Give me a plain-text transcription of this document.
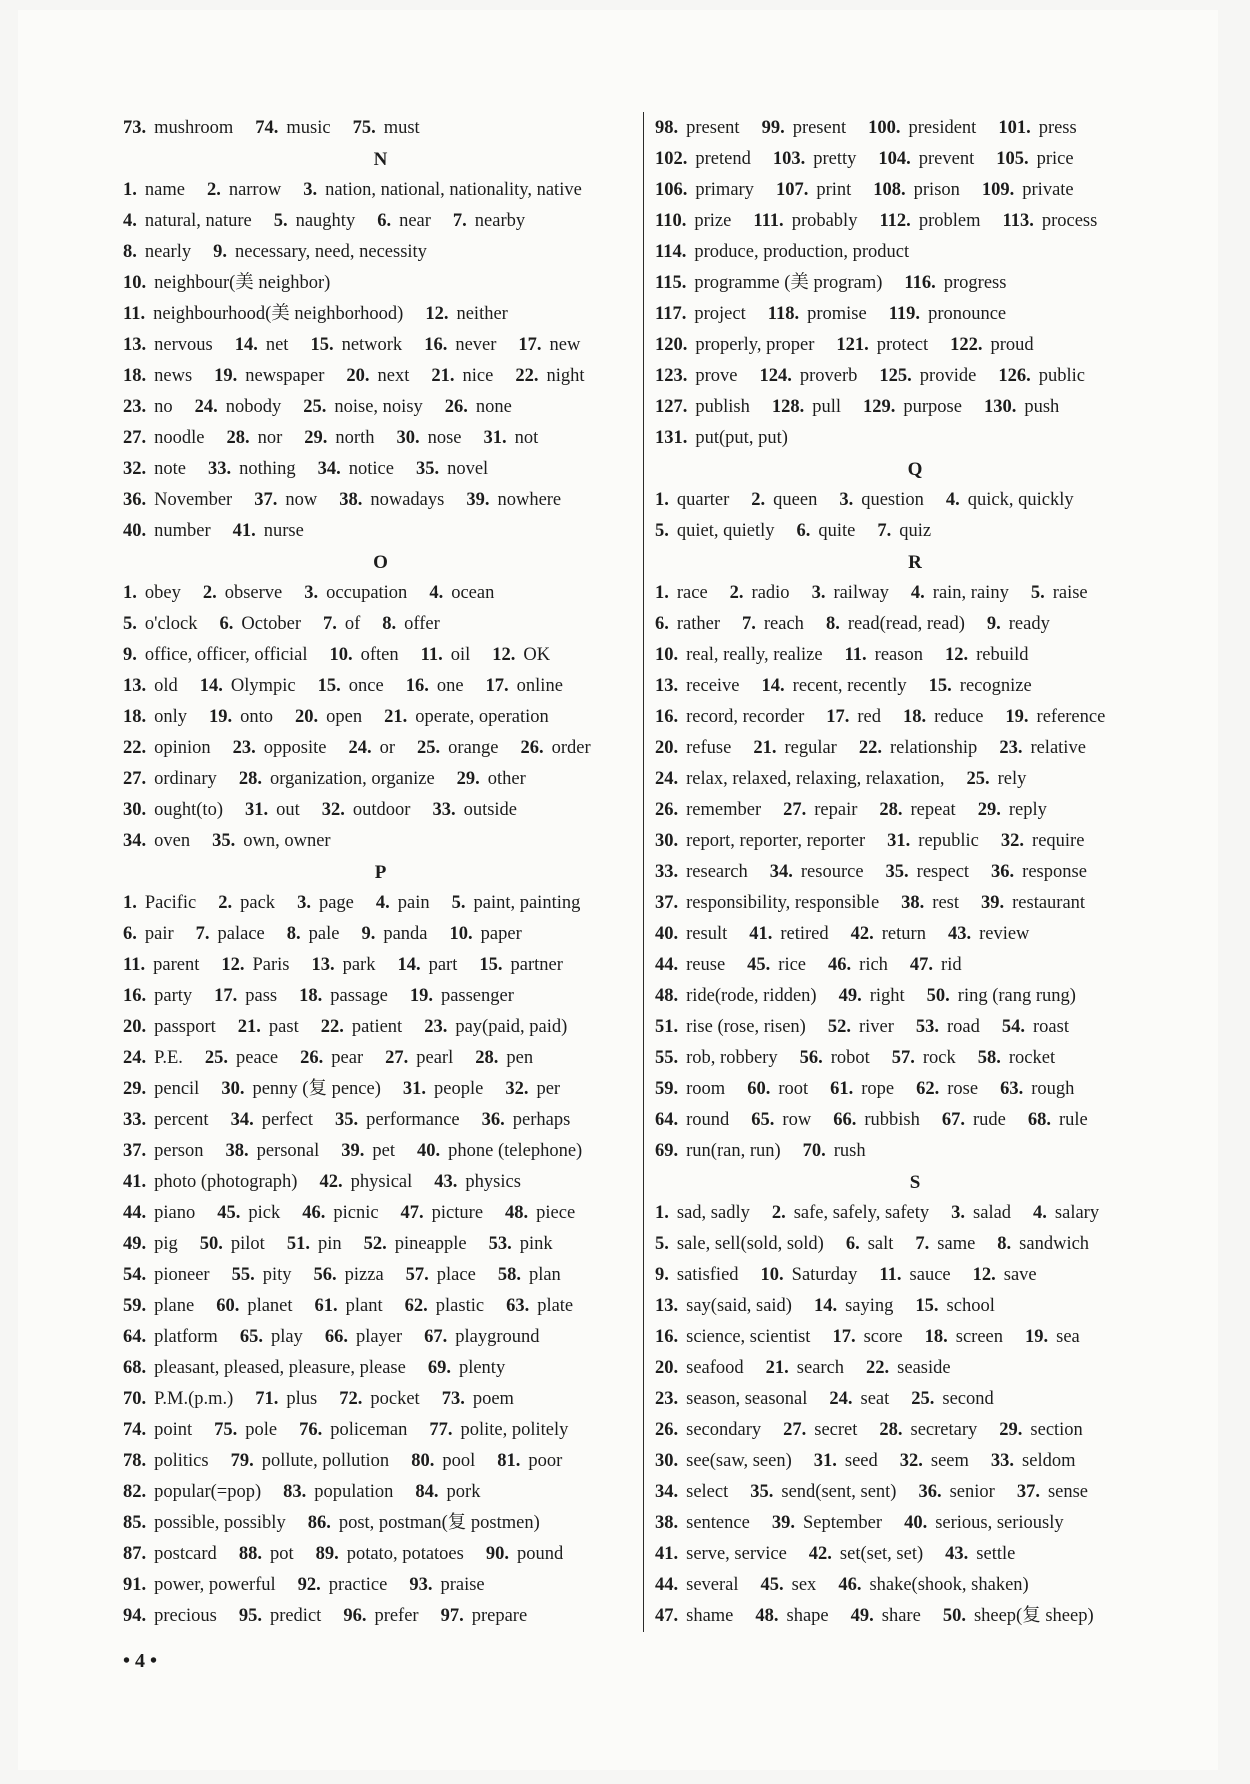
73. mushroom 74. music 75. must
N
1. name 2. narrow 3. nation, national, nationality, native
4. natural, nature 5. naughty 6. near 7. nearby
8. nearly 9. necessary, need, necessity
10. neighbour(美 neighbor)
11. neighbourhood(美 neighborhood) 12. neither
13. nervous 14. net 15. network 16. never 17. new
18. news 19. newspaper 20. next 21. nice 22. night
23. no 24. nobody 25. noise, noisy 26. none
27. noodle 28. nor 29. north 30. nose 31. not
32. note 33. nothing 34. notice 35. novel
36. November 37. now 38. nowadays 39. nowhere
40. number 41. nurse
O
1. obey 2. observe 3. occupation 4. ocean
5. o'clock 6. October 7. of 8. offer
9. office, officer, official 10. often 11. oil 12. OK
13. old 14. Olympic 15. once 16. one 17. online
18. only 19. onto 20. open 21. operate, operation
22. opinion 23. opposite 24. or 25. orange 26. order
27. ordinary 28. organization, organize 29. other
30. ought(to) 31. out 32. outdoor 33. outside
34. oven 35. own, owner
P
1. Pacific 2. pack 3. page 4. pain 5. paint, painting
6. pair 7. palace 8. pale 9. panda 10. paper
11. parent 12. Paris 13. park 14. part 15. partner
16. party 17. pass 18. passage 19. passenger
20. passport 21. past 22. patient 23. pay(paid, paid)
24. P.E. 25. peace 26. pear 27. pearl 28. pen
29. pencil 30. penny (复 pence) 31. people 32. per
33. percent 34. perfect 35. performance 36. perhaps
37. person 38. personal 39. pet 40. phone (telephone)
41. photo (photograph) 42. physical 43. physics
44. piano 45. pick 46. picnic 47. picture 48. piece
49. pig 50. pilot 51. pin 52. pineapple 53. pink
54. pioneer 55. pity 56. pizza 57. place 58. plan
59. plane 60. planet 61. plant 62. plastic 63. plate
64. platform 65. play 66. player 67. playground
68. pleasant, pleased, pleasure, please 69. plenty
70. P.M.(p.m.) 71. plus 72. pocket 73. poem
74. point 75. pole 76. policeman 77. polite, politely
78. politics 79. pollute, pollution 80. pool 81. poor
82. popular(=pop) 83. population 84. pork
85. possible, possibly 86. post, postman(复 postmen)
87. postcard 88. pot 89. potato, potatoes 90. pound
91. power, powerful 92. practice 93. praise
94. precious 95. predict 96. prefer 97. prepare
98. present 99. present 100. president 101. press
102. pretend 103. pretty 104. prevent 105. price
106. primary 107. print 108. prison 109. private
110. prize 111. probably 112. problem 113. process
114. produce, production, product
115. programme (美 program) 116. progress
117. project 118. promise 119. pronounce
120. properly, proper 121. protect 122. proud
123. prove 124. proverb 125. provide 126. public
127. publish 128. pull 129. purpose 130. push
131. put(put, put)
Q
1. quarter 2. queen 3. question 4. quick, quickly
5. quiet, quietly 6. quite 7. quiz
R
1. race 2. radio 3. railway 4. rain, rainy 5. raise
6. rather 7. reach 8. read(read, read) 9. ready
10. real, really, realize 11. reason 12. rebuild
13. receive 14. recent, recently 15. recognize
16. record, recorder 17. red 18. reduce 19. reference
20. refuse 21. regular 22. relationship 23. relative
24. relax, relaxed, relaxing, relaxation, 25. rely
26. remember 27. repair 28. repeat 29. reply
30. report, reporter, reporter 31. republic 32. require
33. research 34. resource 35. respect 36. response
37. responsibility, responsible 38. rest 39. restaurant
40. result 41. retired 42. return 43. review
44. reuse 45. rice 46. rich 47. rid
48. ride(rode, ridden) 49. right 50. ring (rang rung)
51. rise (rose, risen) 52. river 53. road 54. roast
55. rob, robbery 56. robot 57. rock 58. rocket
59. room 60. root 61. rope 62. rose 63. rough
64. round 65. row 66. rubbish 67. rude 68. rule
69. run(ran, run) 70. rush
S
1. sad, sadly 2. safe, safely, safety 3. salad 4. salary
5. sale, sell(sold, sold) 6. salt 7. same 8. sandwich
9. satisfied 10. Saturday 11. sauce 12. save
13. say(said, said) 14. saying 15. school
16. science, scientist 17. score 18. screen 19. sea
20. seafood 21. search 22. seaside
23. season, seasonal 24. seat 25. second
26. secondary 27. secret 28. secretary 29. section
30. see(saw, seen) 31. seed 32. seem 33. seldom
34. select 35. send(sent, sent) 36. senior 37. sense
38. sentence 39. September 40. serious, seriously
41. serve, service 42. set(set, set) 43. settle
44. several 45. sex 46. shake(shook, shaken)
47. shame 48. shape 49. share 50. sheep(复 sheep)
• 4 •
